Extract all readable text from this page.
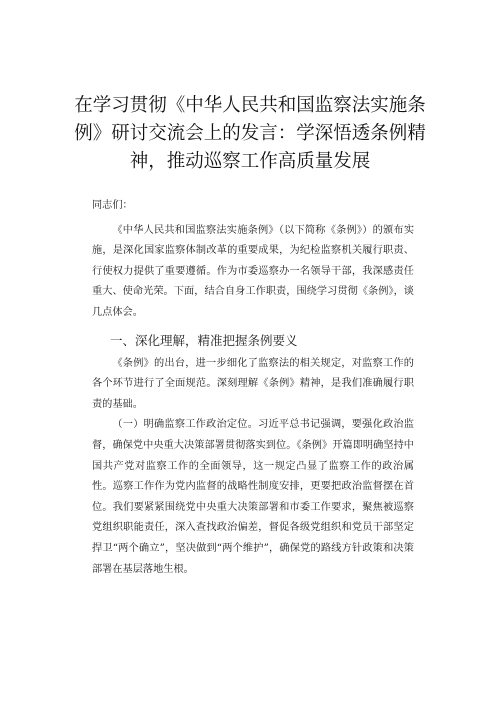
在学习贯彻《中华人民共和国监察法实施条
例》研讨交流会上的发言：学深悟透条例精
神，推动巡察工作高质量发展

同志们：

《中华人民共和国监察法实施条例》（以下简称《条例》）的颁布实施，是深化国家监察体制改革的重要成果，为纪检监察机关履行职责、行使权力提供了重要遵循。作为市委巡察办一名领导干部，我深感责任重大、使命光荣。下面，结合自身工作职责，围绕学习贯彻《条例》，谈几点体会。

一、深化理解，精准把握条例要义

《条例》的出台，进一步细化了监察法的相关规定，对监察工作的各个环节进行了全面规范。深刻理解《条例》精神，是我们准确履行职责的基础。

（一）明确监察工作政治定位。习近平总书记强调，要强化政治监督，确保党中央重大决策部署贯彻落实到位。《条例》开篇即明确坚持中国共产党对监察工作的全面领导，这一规定凸显了监察工作的政治属性。巡察工作作为党内监督的战略性制度安排，更要把政治监督摆在首位。我们要紧紧围绕党中央重大决策部署和市委工作要求，聚焦被巡察党组织职能责任，深入查找政治偏差，督促各级党组织和党员干部坚定捍卫“两个确立”，坚决做到“两个维护”，确保党的路线方针政策和决策部署在基层落地生根。
